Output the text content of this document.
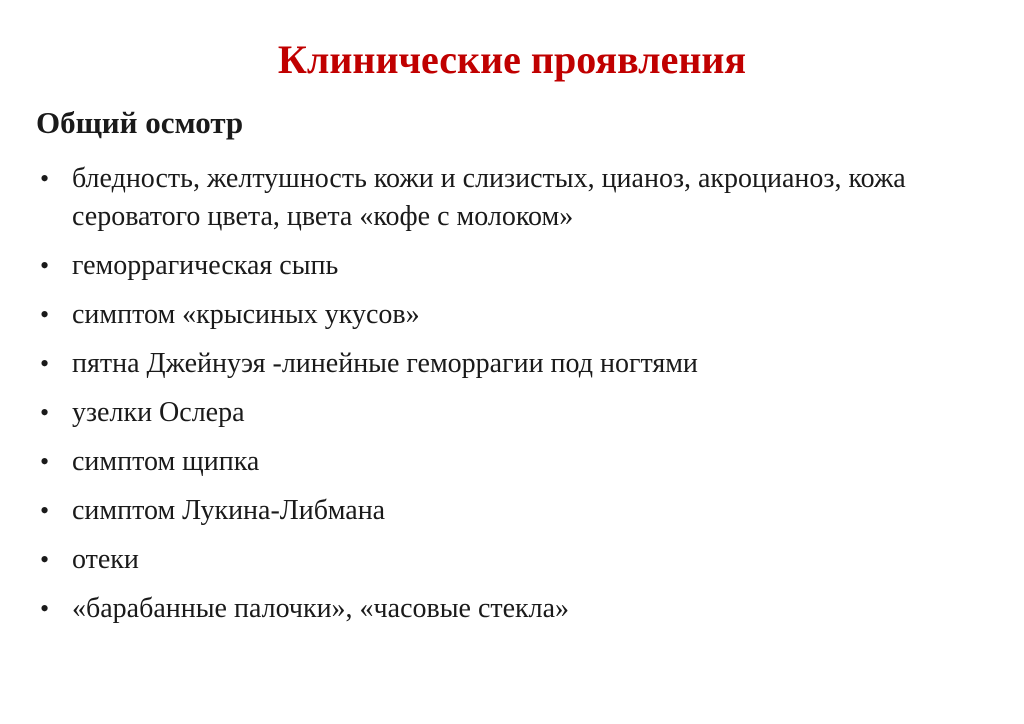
Клинические проявления
Общий осмотр
• бледность, желтушность кожи и слизистых, цианоз, акроцианоз, кожа сероватого цвета, цвета «кофе с молоком»
• геморрагическая сыпь
• симптом «крысиных укусов»
• пятна Джейнуэя -линейные геморрагии под ногтями
• узелки Ослера
• симптом щипка
• симптом Лукина-Либмана
• отеки
• «барабанные палочки», «часовые стекла»
